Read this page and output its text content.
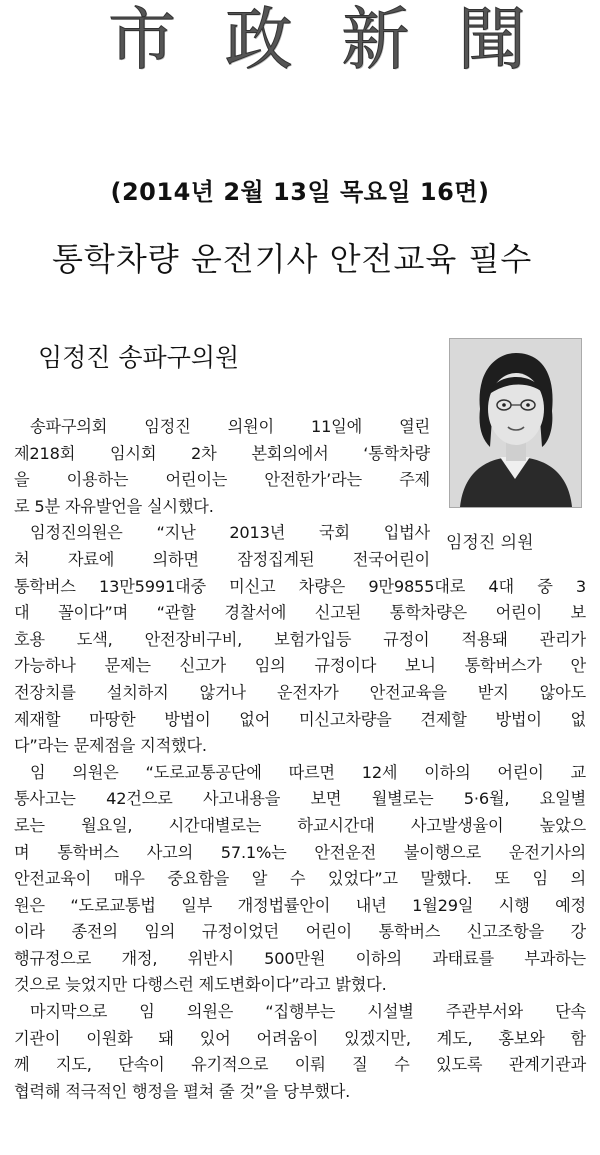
市 政 新 聞
(2014년 2월 13일 목요일 16면)
통학차량 운전기사 안전교육 필수
임정진 송파구의원
임정진 의원
송파구의회 임정진 의원이 11일에 열린
제218회 임시회 2차 본회의에서 ‘통학차량
을 이용하는 어린이는 안전한가’라는 주제
로 5분 자유발언을 실시했다.
임정진의원은 “지난 2013년 국회 입법사
처 자료에 의하면 잠정집계된 전국어린이
통학버스 13만5991대중 미신고 차량은 9만9855대로 4대 중 3
대 꼴이다”며 “관할 경찰서에 신고된 통학차량은 어린이 보
호용 도색, 안전장비구비, 보험가입등 규정이 적용돼 관리가
가능하나 문제는 신고가 임의 규정이다 보니 통학버스가 안
전장치를 설치하지 않거나 운전자가 안전교육을 받지 않아도
제재할 마땅한 방법이 없어 미신고차량을 견제할 방법이 없
다”라는 문제점을 지적했다.
임 의원은 “도로교통공단에 따르면 12세 이하의 어린이 교
통사고는 42건으로 사고내용을 보면 월별로는 5·6월, 요일별
로는 월요일, 시간대별로는 하교시간대 사고발생율이 높았으
며 통학버스 사고의 57.1%는 안전운전 불이행으로 운전기사의
안전교육이 매우 중요함을 알 수 있었다”고 말했다. 또 임 의
원은 “도로교통법 일부 개정법률안이 내년 1월29일 시행 예정
이라 종전의 임의 규정이었던 어린이 통학버스 신고조항을 강
행규정으로 개정, 위반시 500만원 이하의 과태료를 부과하는
것으로 늦었지만 다행스런 제도변화이다”라고 밝혔다.
마지막으로 임 의원은 “집행부는 시설별 주관부서와 단속
기관이 이원화 돼 있어 어려움이 있겠지만, 계도, 홍보와 함
께 지도, 단속이 유기적으로 이뤄 질 수 있도록 관계기관과
협력해 적극적인 행정을 펼쳐 줄 것”을 당부했다.
